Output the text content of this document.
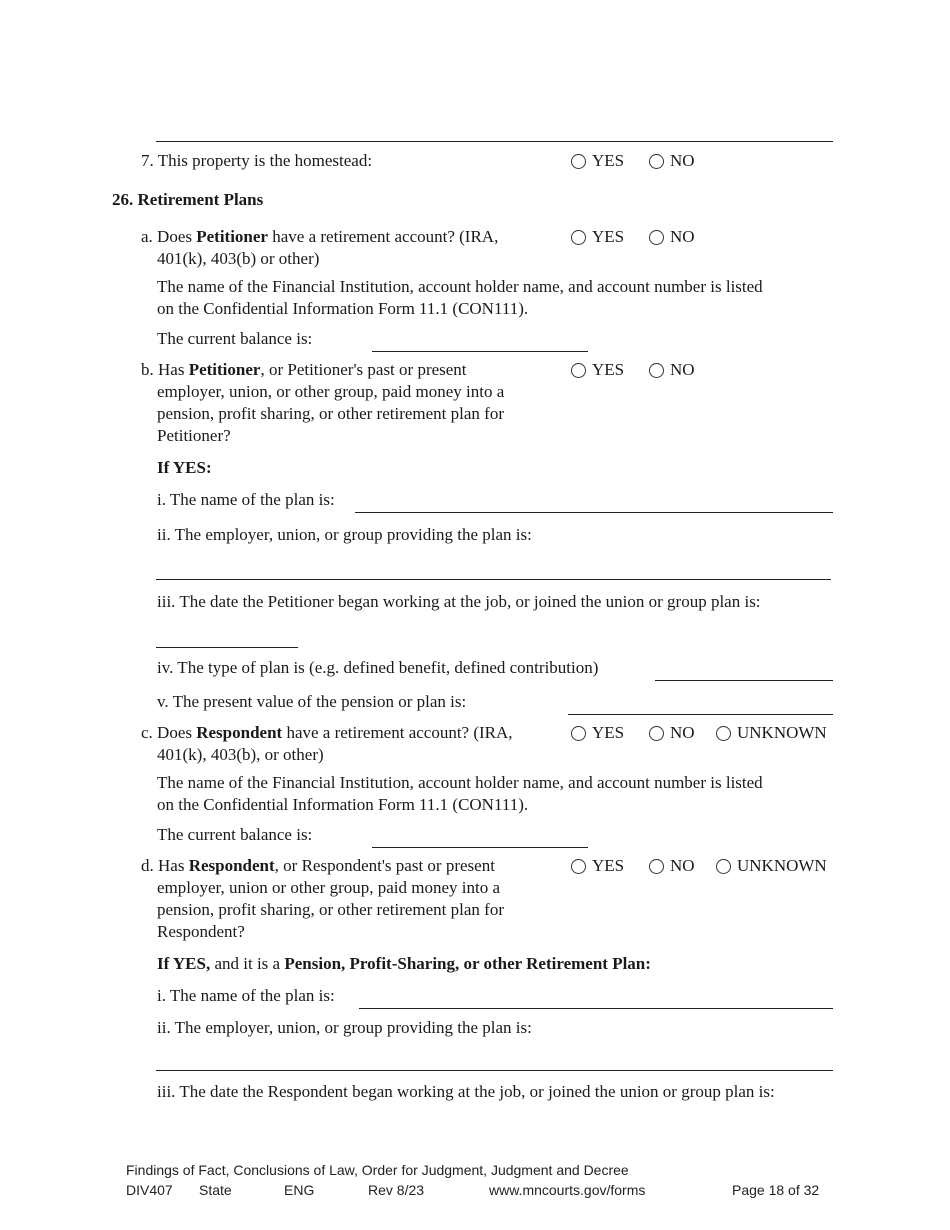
7. This property is the homestead:	YES	NO
26. Retirement Plans
a. Does Petitioner have a retirement account? (IRA,
401(k), 403(b) or other)
YES	NO
The name of the Financial Institution, account holder name, and account number is listed
on the Confidential Information Form 11.1 (CON111).
The current balance is:
b. Has Petitioner, or Petitioner's past or present
employer, union, or other group, paid money into a
pension, profit sharing, or other retirement plan for
Petitioner?
YES	NO
If YES:
i. The name of the plan is:
ii. The employer, union, or group providing the plan is:
iii. The date the Petitioner began working at the job, or joined the union or group plan is:
iv. The type of plan is (e.g. defined benefit, defined contribution)
v. The present value of the pension or plan is:
c. Does Respondent have a retirement account? (IRA,
401(k), 403(b), or other)
YES	NO UNKNOWN
The name of the Financial Institution, account holder name, and account number is listed
on the Confidential Information Form 11.1 (CON111).
The current balance is:
d. Has Respondent, or Respondent's past or present
employer, union or other group, paid money into a
pension, profit sharing, or other retirement plan for
Respondent?
YES	NO UNKNOWN
If YES, and it is a Pension, Profit-Sharing, or other Retirement Plan:
i. The name of the plan is:
ii. The employer, union, or group providing the plan is:
iii. The date the Respondent began working at the job, or joined the union or group plan is:
Findings of Fact, Conclusions of Law, Order for Judgment, Judgment and Decree
DIV407 State	ENG	Rev 8/23	www.mncourts.gov/forms	Page 18 of 32
